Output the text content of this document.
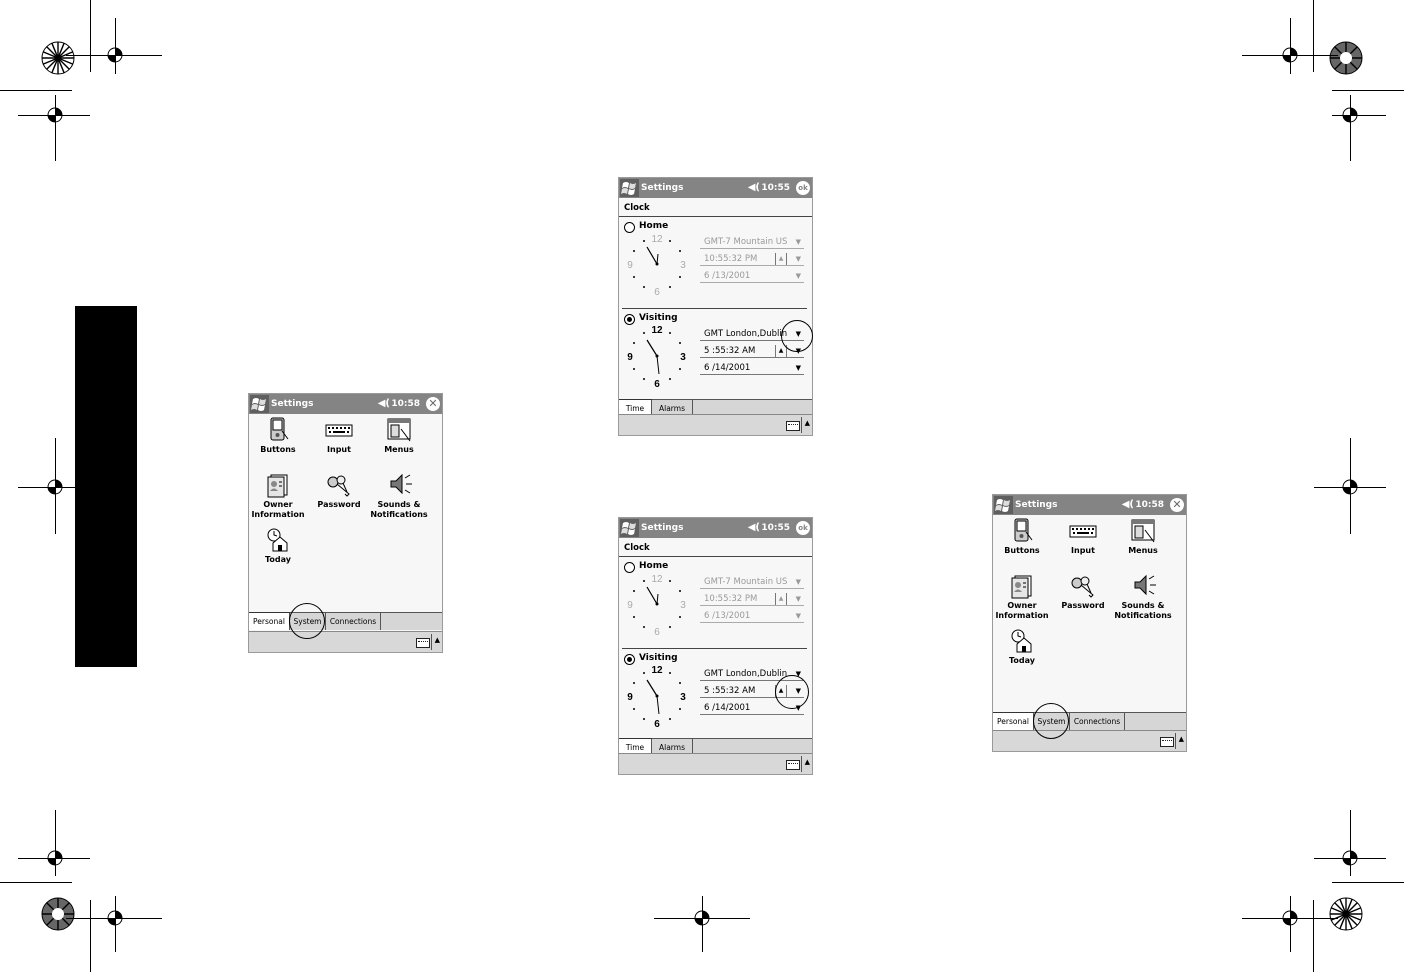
Settings	◀︎( 10:58 ✕
Buttons	Input	Menus
Owner
Information
Password	Sounds &
Notifications
Today
Personal	System	Connections
▲
Settings	◀︎( 10:55	ok
Clock
Home
12
3
6
9
GMT-7 Mountain US ▼
10:55:32 PM	▲	▼
6 /13/2001	▼
Visiting
12
3
6
9
GMT London,Dublin ▼
5 :55:32 AM	▲	▼
6 /14/2001	▼
Time	Alarms
▲
Settings	◀︎( 10:55	ok
Clock
Home
12
3
6
9
GMT-7 Mountain US ▼
10:55:32 PM	▲	▼
6 /13/2001	▼
Visiting
12
3
6
9
GMT London,Dublin ▼
5 :55:32 AM	▲	▼
6 /14/2001	▼
Time	Alarms
▲
Settings	◀︎( 10:58 ✕
Buttons	Input	Menus
Owner
Information
Password	Sounds &
Notifications
Today
Personal	System	Connections
▲
